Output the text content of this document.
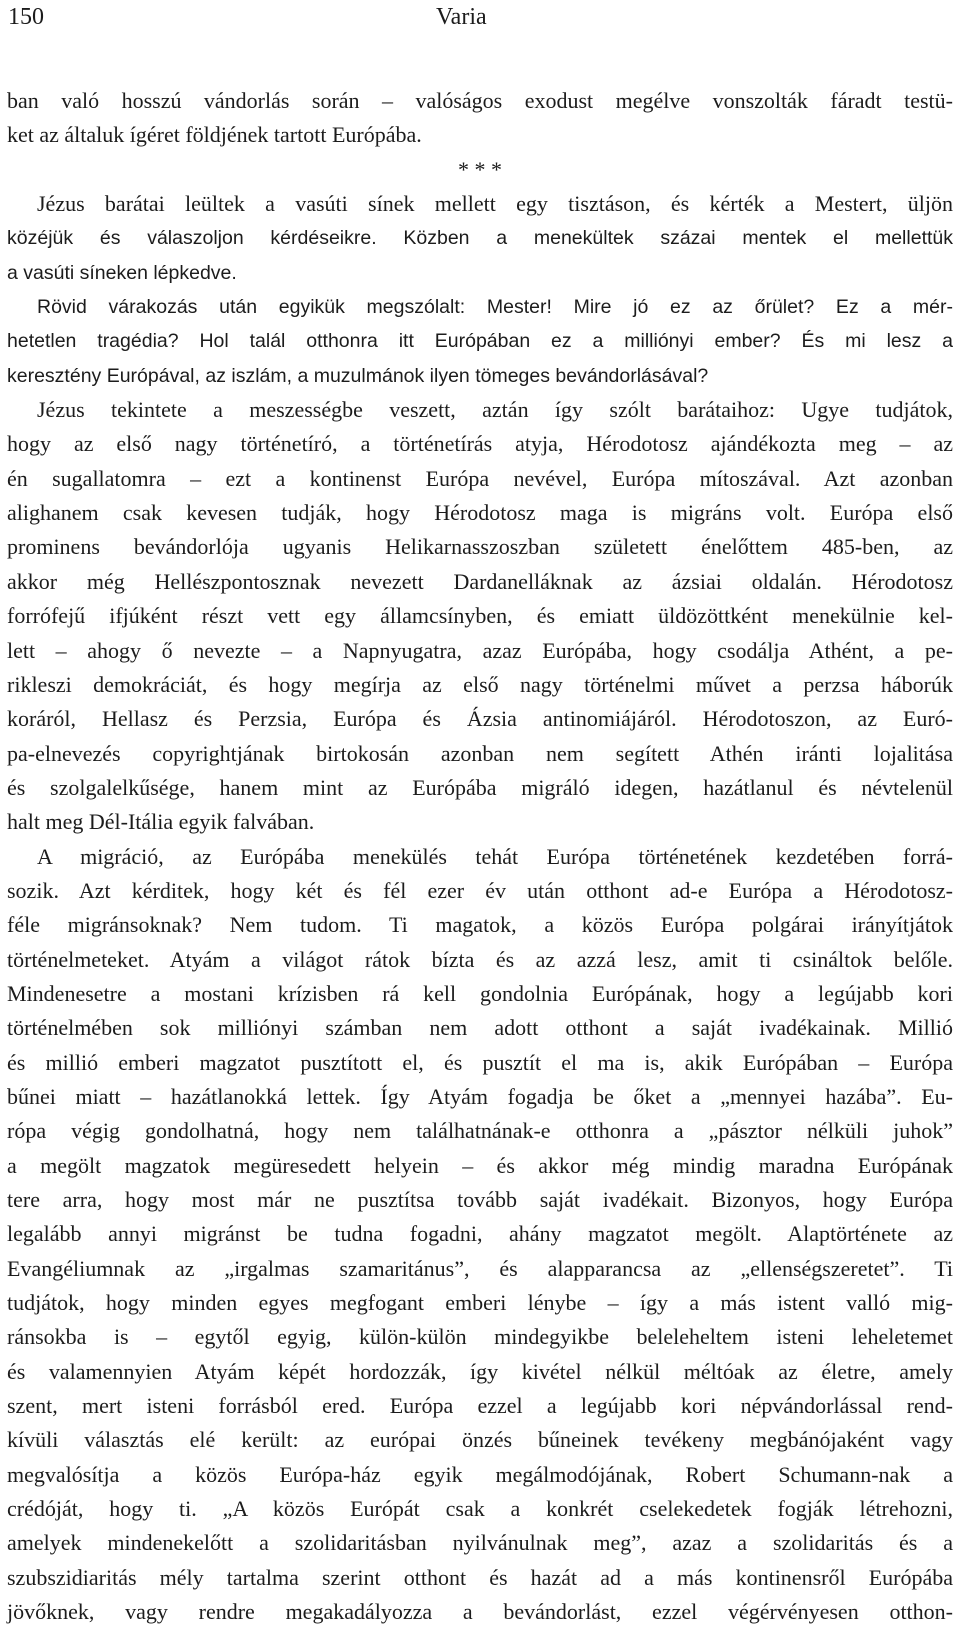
150	Varia
ban való hosszú vándorlás során – valóságos exodust megélve vonszolták fáradt testü-
ket az általuk ígéret földjének tartott Európába.
* * *
Jézus barátai leültek a vasúti sínek mellett egy tisztáson, és kérték a Mestert, üljön
közéjük és válaszoljon kérdéseikre. Közben a menekültek százai mentek el mellettük
a vasúti síneken lépkedve.
Rövid várakozás után egyikük megszólalt: Mester! Mire jó ez az őrület? Ez a mér-
hetetlen tragédia? Hol talál otthonra itt Európában ez a milliónyi ember? És mi lesz a
keresztény Európával, az iszlám, a muzulmánok ilyen tömeges bevándorlásával?
Jézus tekintete a meszességbe veszett, aztán így szólt barátaihoz: Ugye tudjátok,
hogy az első nagy történetíró, a történetírás atyja, Hérodotosz ajándékozta meg – az
én sugallatomra – ezt a kontinenst Európa nevével, Európa mítoszával. Azt azonban
alighanem csak kevesen tudják, hogy Hérodotosz maga is migráns volt. Európa első
prominens bevándorlója ugyanis Helikarnasszoszban született énelőttem 485-ben, az
akkor még Hellészpontosznak nevezett Dardanelláknak az ázsiai oldalán. Hérodotosz
forrófejű ifjúként részt vett egy államcsínyben, és emiatt üldözöttként menekülnie kel-
lett – ahogy ő nevezte – a Napnyugatra, azaz Európába, hogy csodálja Athént, a pe-
rikleszi demokráciát, és hogy megírja az első nagy történelmi művet a perzsa háborúk
koráról, Hellasz és Perzsia, Európa és Ázsia antinomiájáról. Hérodotoszon, az Euró-
pa-elnevezés copyrightjának birtokosán azonban nem segített Athén iránti lojalitása
és szolgalelkűsége, hanem mint az Európába migráló idegen, hazátlanul és névtelenül
halt meg Dél-Itália egyik falvában.
A migráció, az Európába menekülés tehát Európa történetének kezdetében forrá-
sozik. Azt kérditek, hogy két és fél ezer év után otthont ad-e Európa a Hérodotosz-
féle migránsoknak? Nem tudom. Ti magatok, a közös Európa polgárai irányítjátok
történelmeteket. Atyám a világot rátok bízta és az azzá lesz, amit ti csináltok belőle.
Mindenesetre a mostani krízisben rá kell gondolnia Európának, hogy a legújabb kori
történelmében sok milliónyi számban nem adott otthont a saját ivadékainak. Millió
és millió emberi magzatot pusztított el, és pusztít el ma is, akik Európában – Európa
bűnei miatt – hazátlanokká lettek. Így Atyám fogadja be őket a „mennyei hazába”. Eu-
rópa végig gondolhatná, hogy nem találhatnának-e otthonra a „pásztor nélküli juhok”
a megölt magzatok megüresedett helyein – és akkor még mindig maradna Európának
tere arra, hogy most már ne pusztítsa tovább saját ivadékait. Bizonyos, hogy Európa
legalább annyi migránst be tudna fogadni, ahány magzatot megölt. Alaptörténete az
Evangéliumnak az „irgalmas szamaritánus”, és alapparancsa az „ellenségszeretet”. Ti
tudjátok, hogy minden egyes megfogant emberi lénybe – így a más istent valló mig-
ránsokba is – egytől egyig, külön-külön mindegyikbe beleleheltem isteni leheletemet
és valamennyien Atyám képét hordozzák, így kivétel nélkül méltóak az életre, amely
szent, mert isteni forrásból ered. Európa ezzel a legújabb kori népvándorlással rend-
kívüli választás elé került: az európai önzés bűneinek tevékeny megbánójaként vagy
megvalósítja a közös Európa-ház egyik megálmodójának, Robert Schumann-nak a
crédóját, hogy ti. „A közös Európát csak a konkrét cselekedetek fogják létrehozni,
amelyek mindenekelőtt a szolidaritásban nyilvánulnak meg”, azaz a szolidaritás és a
szubszidiaritás mély tartalma szerint otthont és hazát ad a más kontinensről Európába
jövőknek, vagy rendre megakadályozza a bevándorlást, ezzel végérvényesen otthon-
